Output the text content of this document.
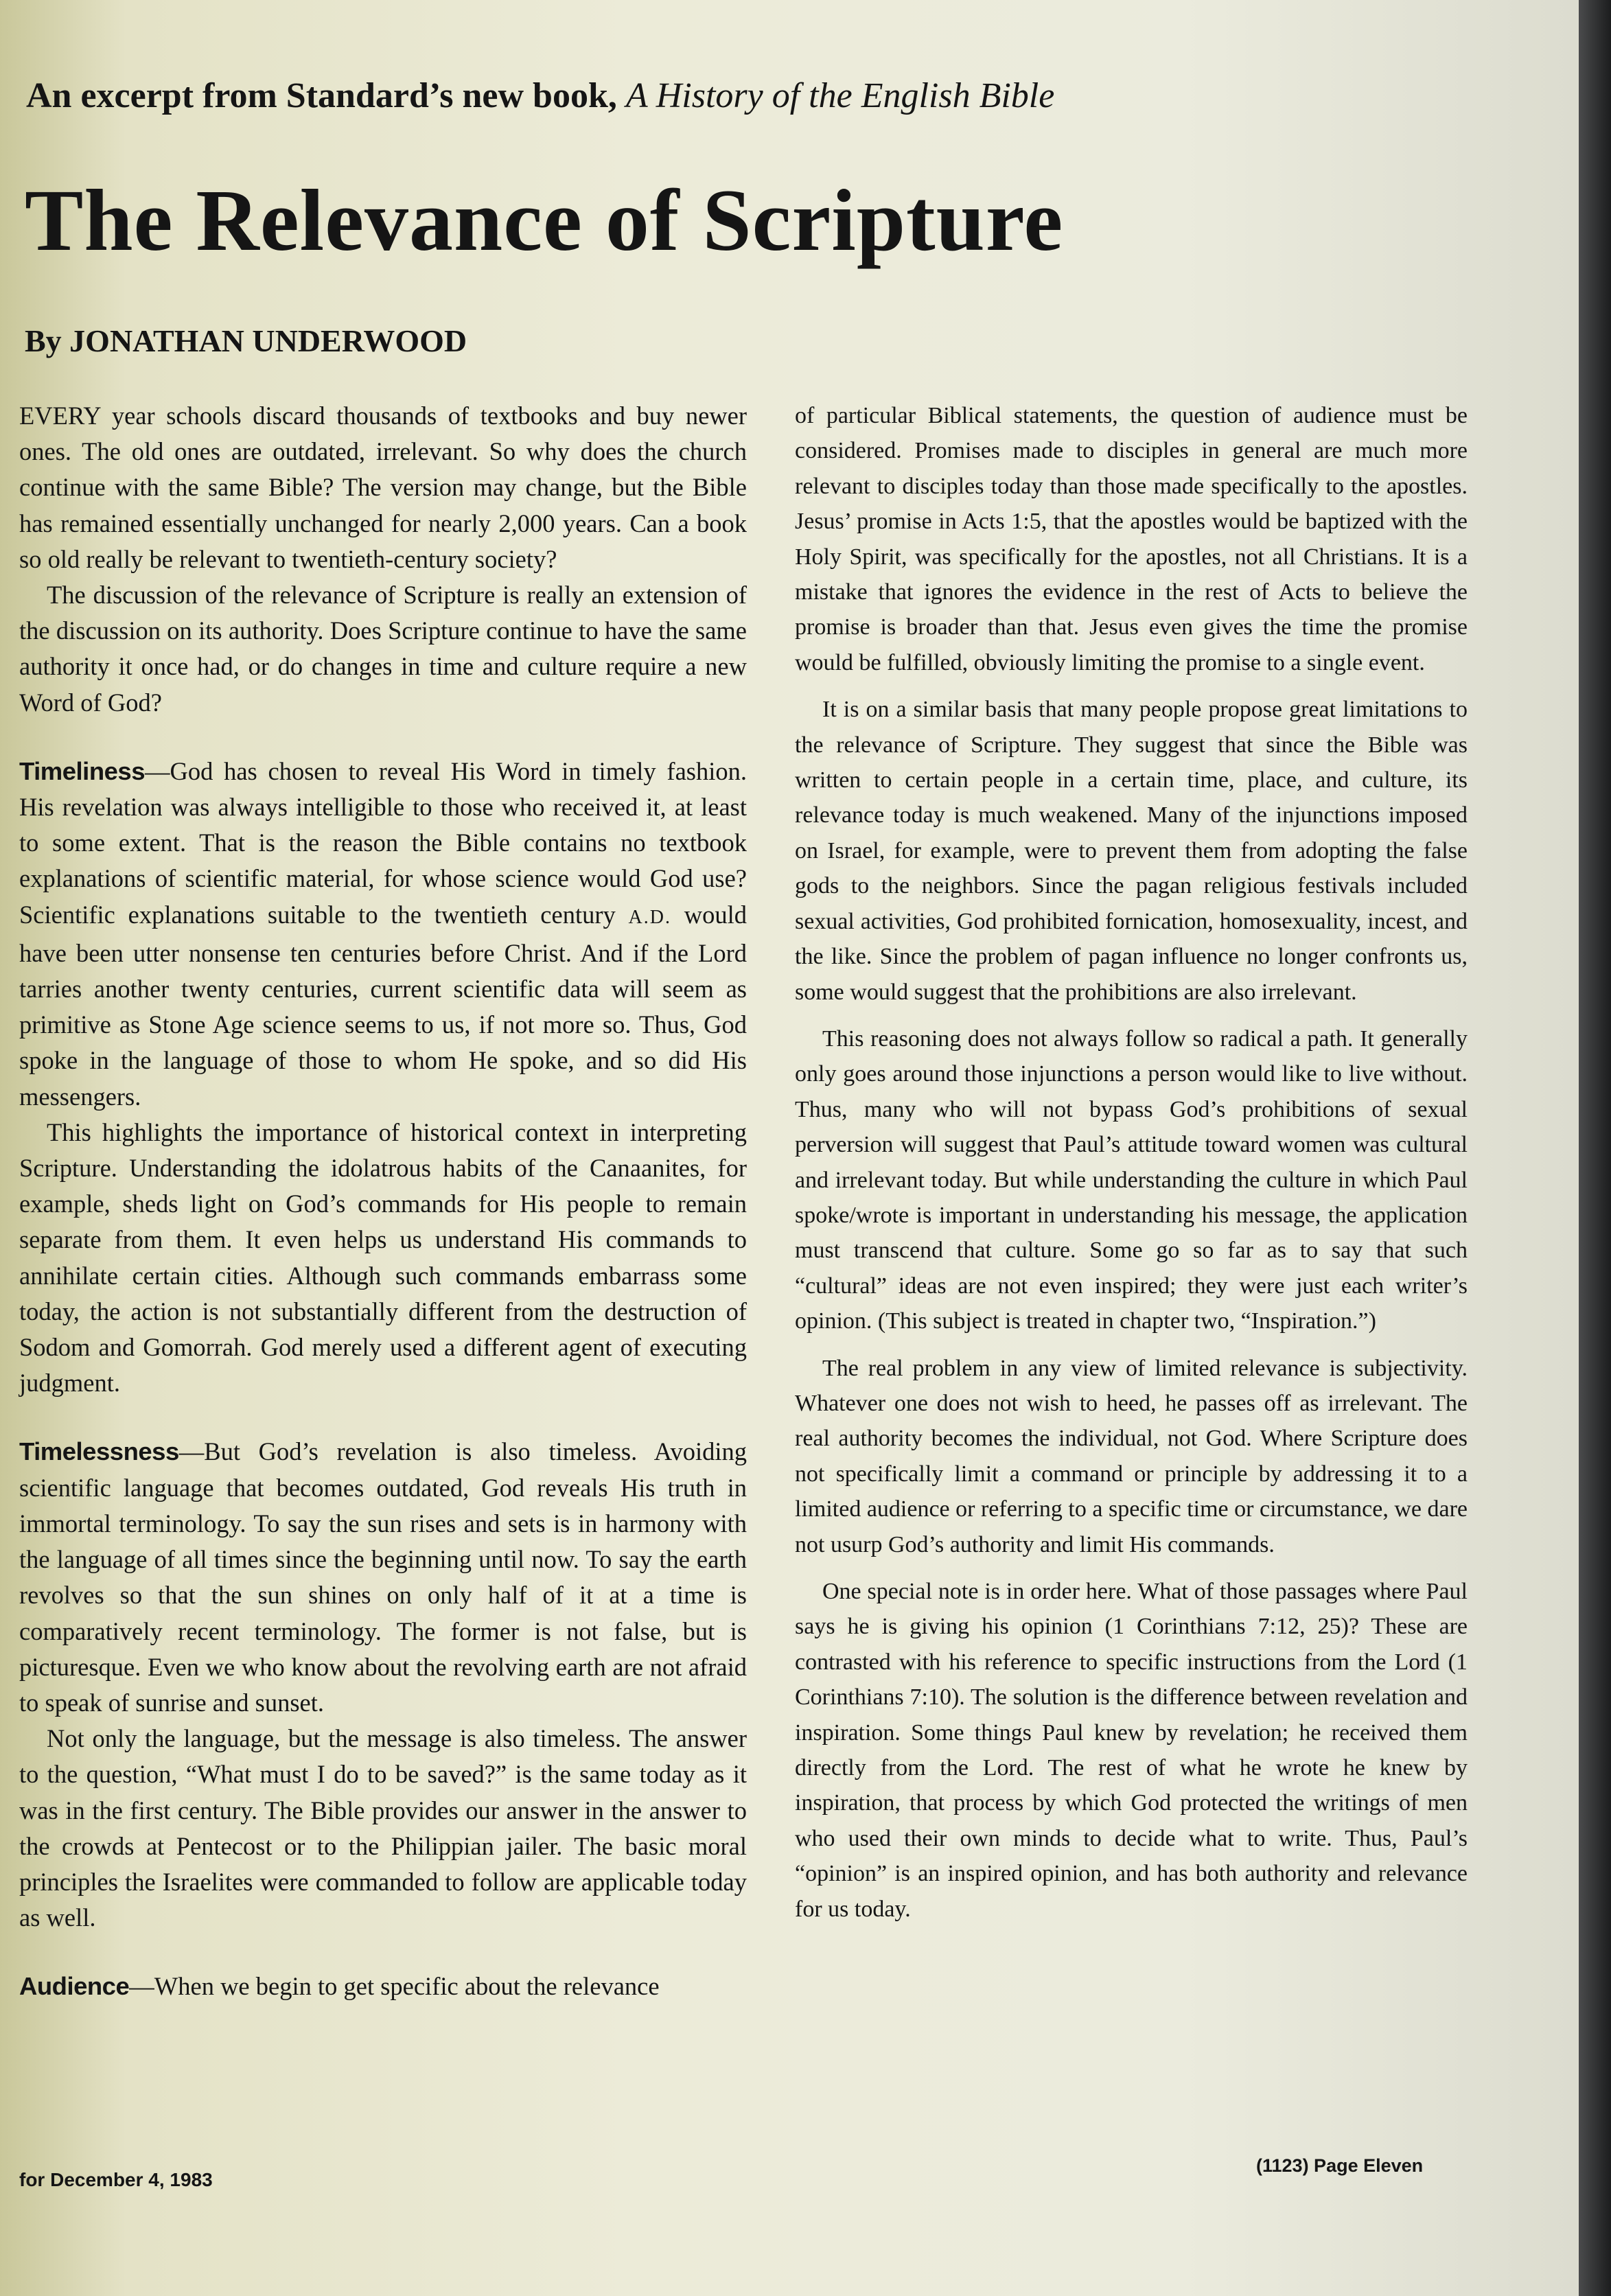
An excerpt from Standard’s new book, A History of the English Bible
The Relevance of Scripture
By JONATHAN UNDERWOOD

EVERY year schools discard thousands of textbooks and buy newer ones. The old ones are outdated, irrelevant. So why does the church continue with the same Bible? The version may change, but the Bible has remained essentially unchanged for nearly 2,000 years. Can a book so old really be relevant to twentieth-century society?

The discussion of the relevance of Scripture is really an extension of the discussion on its authority. Does Scripture continue to have the same authority it once had, or do changes in time and culture require a new Word of God?

Timeliness—God has chosen to reveal His Word in timely fashion. His revelation was always intelligible to those who received it, at least to some extent. That is the reason the Bible contains no textbook explanations of scientific material, for whose science would God use? Scientific explanations suitable to the twentieth century A.D. would have been utter nonsense ten centuries before Christ. And if the Lord tarries another twenty centuries, current scientific data will seem as primitive as Stone Age science seems to us, if not more so. Thus, God spoke in the language of those to whom He spoke, and so did His messengers.

This highlights the importance of historical context in interpreting Scripture. Understanding the idolatrous habits of the Canaanites, for example, sheds light on God’s commands for His people to remain separate from them. It even helps us understand His commands to annihilate certain cities. Although such commands embarrass some today, the action is not substantially different from the destruction of Sodom and Gomorrah. God merely used a different agent of executing judgment.

Timelessness—But God’s revelation is also timeless. Avoiding scientific language that becomes outdated, God reveals His truth in immortal terminology. To say the sun rises and sets is in harmony with the language of all times since the beginning until now. To say the earth revolves so that the sun shines on only half of it at a time is comparatively recent terminology. The former is not false, but is picturesque. Even we who know about the revolving earth are not afraid to speak of sunrise and sunset.

Not only the language, but the message is also timeless. The answer to the question, “What must I do to be saved?” is the same today as it was in the first century. The Bible provides our answer in the answer to the crowds at Pentecost or to the Philippian jailer. The basic moral principles the Israelites were commanded to follow are applicable today as well.

Audience—When we begin to get specific about the relevance

of particular Biblical statements, the question of audience must be considered. Promises made to disciples in general are much more relevant to disciples today than those made specifically to the apostles. Jesus’ promise in Acts 1:5, that the apostles would be baptized with the Holy Spirit, was specifically for the apostles, not all Christians. It is a mistake that ignores the evidence in the rest of Acts to believe the promise is broader than that. Jesus even gives the time the promise would be fulfilled, obviously limiting the promise to a single event.

It is on a similar basis that many people propose great limitations to the relevance of Scripture. They suggest that since the Bible was written to certain people in a certain time, place, and culture, its relevance today is much weakened. Many of the injunctions imposed on Israel, for example, were to prevent them from adopting the false gods to the neighbors. Since the pagan religious festivals included sexual activities, God prohibited fornication, homosexuality, incest, and the like. Since the problem of pagan influence no longer confronts us, some would suggest that the prohibitions are also irrelevant.

This reasoning does not always follow so radical a path. It generally only goes around those injunctions a person would like to live without. Thus, many who will not bypass God’s prohibitions of sexual perversion will suggest that Paul’s attitude toward women was cultural and irrelevant today. But while understanding the culture in which Paul spoke/wrote is important in understanding his message, the application must transcend that culture. Some go so far as to say that such “cultural” ideas are not even inspired; they were just each writer’s opinion. (This subject is treated in chapter two, “Inspiration.”)

The real problem in any view of limited relevance is subjectivity. Whatever one does not wish to heed, he passes off as irrelevant. The real authority becomes the individual, not God. Where Scripture does not specifically limit a command or principle by addressing it to a limited audience or referring to a specific time or circumstance, we dare not usurp God’s authority and limit His commands.

One special note is in order here. What of those passages where Paul says he is giving his opinion (1 Corinthians 7:12, 25)? These are contrasted with his reference to specific instructions from the Lord (1 Corinthians 7:10). The solution is the difference between revelation and inspiration. Some things Paul knew by revelation; he received them directly from the Lord. The rest of what he wrote he knew by inspiration, that process by which God protected the writings of men who used their own minds to decide what to write. Thus, Paul’s “opinion” is an inspired opinion, and has both authority and relevance for us today.

for December 4, 1983
(1123) Page Eleven
